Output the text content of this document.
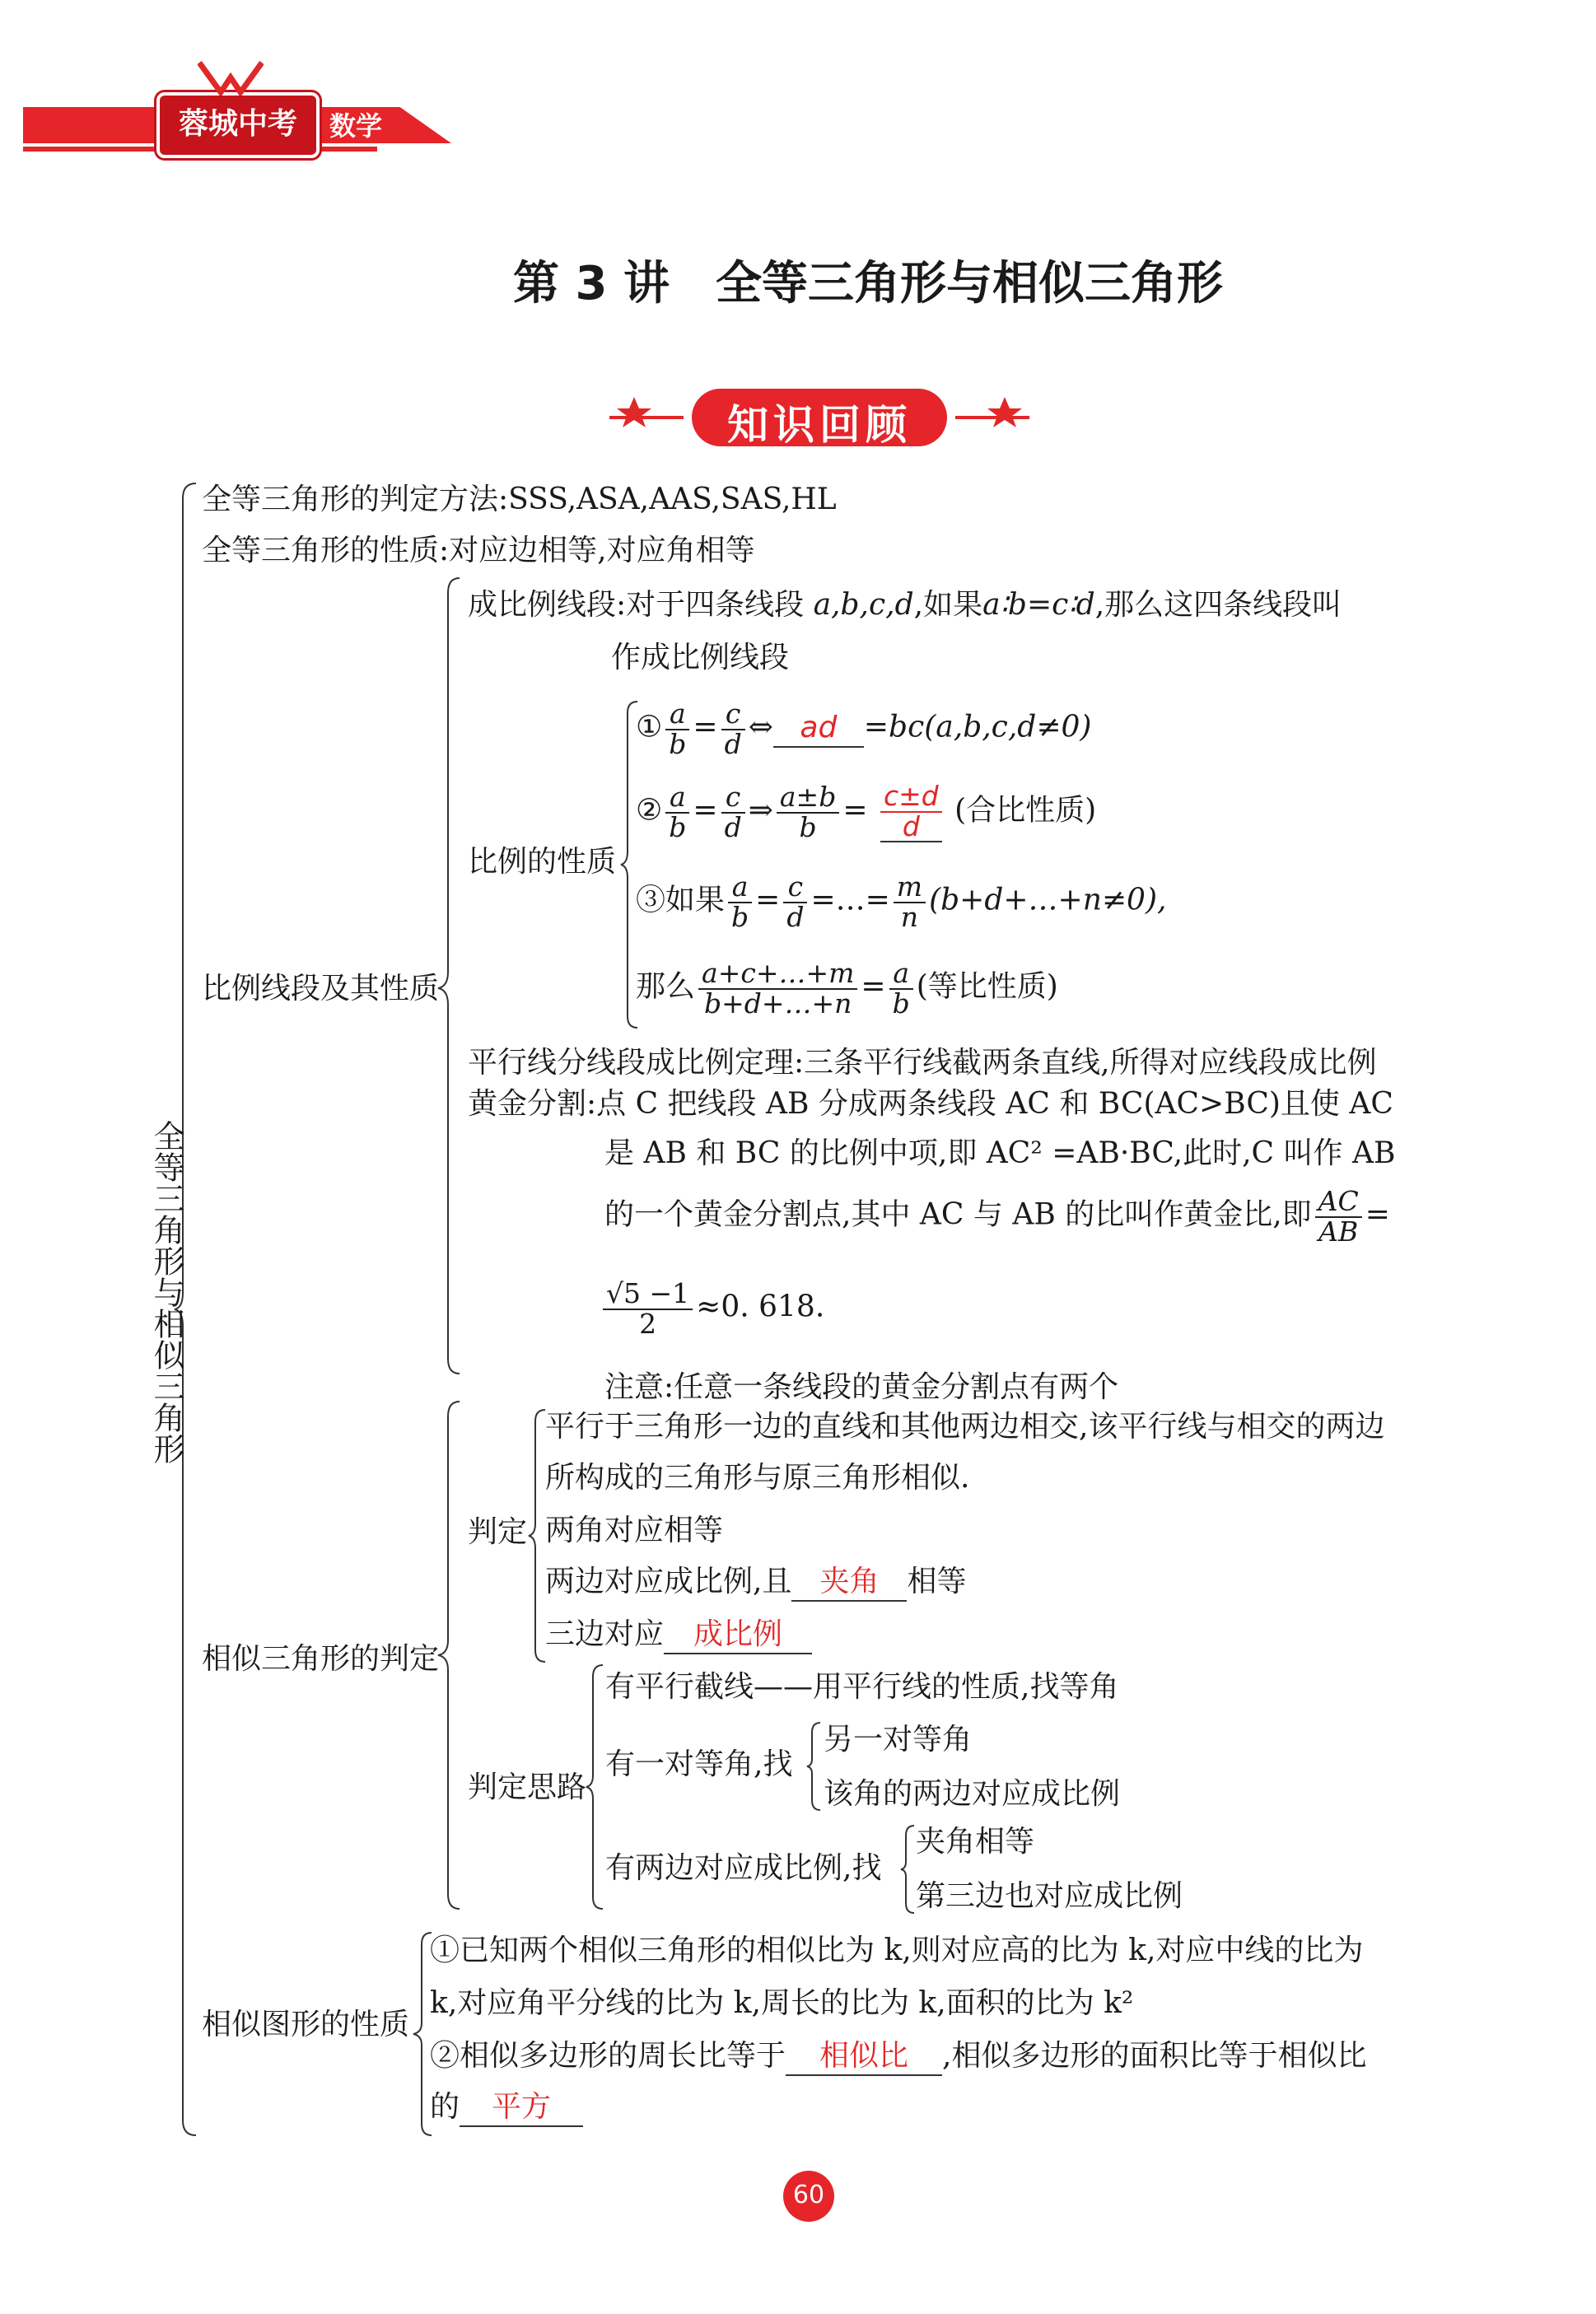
蓉城中考	数学
第 3 讲　全等三角形与相似三角形
知识回顾
全等三角形与相似三角形
全等三角形的判定方法:SSS,ASA,AAS,SAS,HL
全等三角形的性质:对应边相等,对应角相等
比例线段及其性质
成比例线段:对于四条线段 a,b,c,d,如果a∶b=c∶d,那么这四条线段叫
作成比例线段
比例的性质
① $\frac{a}{b} = \frac{c}{d}$ ⇔ ad =bc(a,b,c,d≠0)
② $\frac{a}{b} = \frac{c}{d}$ ⇒ $\frac{a\pm b}{b} = \frac{c\pm d}{d}$ (合比性质)
③如果 $\frac{a}{b} = \frac{c}{d}$ =…= $\frac{m}{n}$ (b+d+…+n≠0),
那么 $\frac{a+c+\dots+m}{b+d+\dots+n} = \frac{a}{b}$ (等比性质)
平行线分线段成比例定理:三条平行线截两条直线,所得对应线段成比例
黄金分割:点 C 把线段 AB 分成两条线段 AC 和 BC(AC>BC)且使 AC
是 AB 和 BC 的比例中项,即 AC² =AB·BC,此时,C 叫作 AB
的一个黄金分割点,其中 AC 与 AB 的比叫作黄金比,即 $\frac{AC}{AB}$ =
$\frac{√5 -1}{2} \approx 0$. 618.
注意:任意一条线段的黄金分割点有两个
相似三角形的判定
判定
平行于三角形一边的直线和其他两边相交,该平行线与相交的两边
所构成的三角形与原三角形相似.
两角对应相等
两边对应成比例,且 夹角 相等
三边对应 成比例
判定思路
有平行截线——用平行线的性质,找等角
有一对等角,找
另一对等角
该角的两边对应成比例
有两边对应成比例,找
夹角相等
第三边也对应成比例
相似图形的性质
①已知两个相似三角形的相似比为 k,则对应高的比为 k,对应中线的比为
k,对应角平分线的比为 k,周长的比为 k,面积的比为 k²
②相似多边形的周长比等于 相似比 ,相似多边形的面积比等于相似比
的 平方
60
